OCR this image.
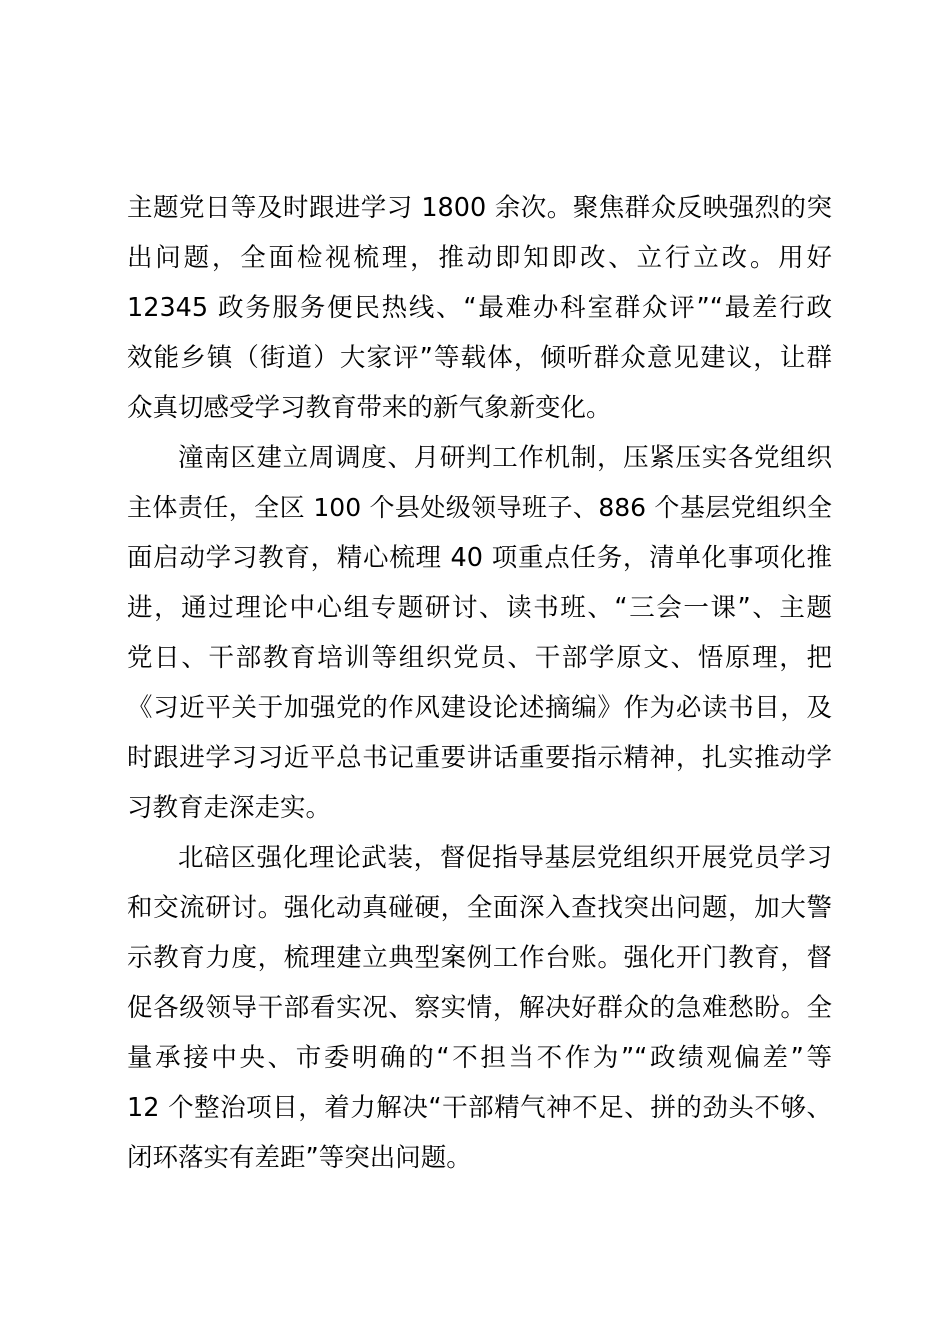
主题党日等及时跟进学习 1800 余次。聚焦群众反映强烈的突
出问题，全面检视梳理，推动即知即改、立行立改。用好
12345 政务服务便民热线、“最难办科室群众评”“最差行政
效能乡镇（街道）大家评”等载体，倾听群众意见建议，让群
众真切感受学习教育带来的新气象新变化。
潼南区建立周调度、月研判工作机制，压紧压实各党组织
主体责任，全区 100 个县处级领导班子、886 个基层党组织全
面启动学习教育，精心梳理 40 项重点任务，清单化事项化推
进，通过理论中心组专题研讨、读书班、“三会一课”、主题
党日、干部教育培训等组织党员、干部学原文、悟原理，把
《习近平关于加强党的作风建设论述摘编》作为必读书目，及
时跟进学习习近平总书记重要讲话重要指示精神，扎实推动学
习教育走深走实。
北碚区强化理论武装，督促指导基层党组织开展党员学习
和交流研讨。强化动真碰硬，全面深入查找突出问题，加大警
示教育力度，梳理建立典型案例工作台账。强化开门教育，督
促各级领导干部看实况、察实情，解决好群众的急难愁盼。全
量承接中央、市委明确的“不担当不作为”“政绩观偏差”等
12 个整治项目，着力解决“干部精气神不足、拼的劲头不够、
闭环落实有差距”等突出问题。
